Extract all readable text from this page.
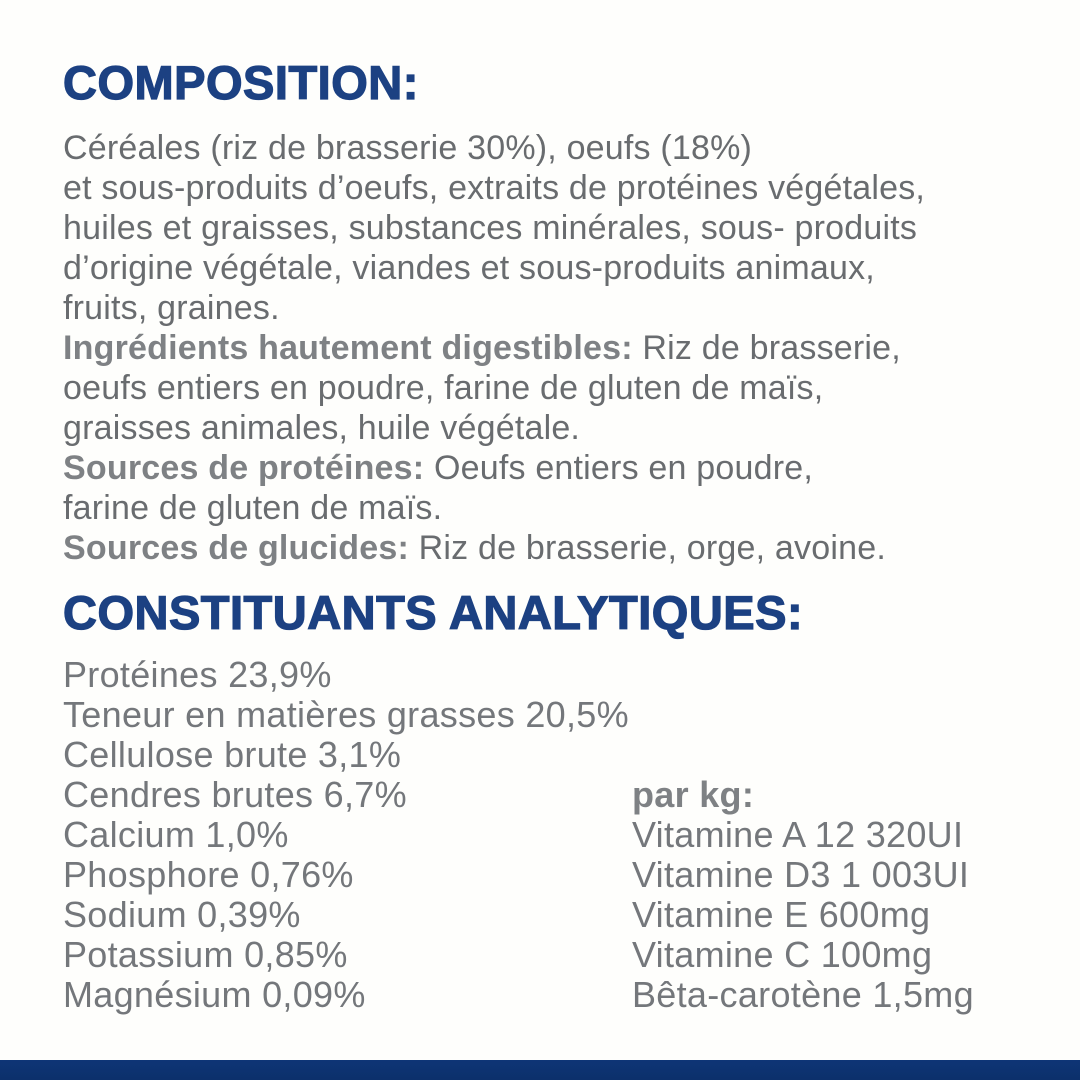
COMPOSITION:
Céréales (riz de brasserie 30%), oeufs (18%)
et sous-produits d’oeufs, extraits de protéines végétales,
huiles et graisses, substances minérales, sous- produits
d’origine végétale, viandes et sous-produits animaux,
fruits, graines.
Ingrédients hautement digestibles: Riz de brasserie,
oeufs entiers en poudre, farine de gluten de maïs,
graisses animales, huile végétale.
Sources de protéines: Oeufs entiers en poudre,
farine de gluten de maïs.
Sources de glucides: Riz de brasserie, orge, avoine.
CONSTITUANTS ANALYTIQUES:
Protéines 23,9%
Teneur en matières grasses 20,5%
Cellulose brute 3,1%
Cendres brutes 6,7%
Calcium 1,0%
Phosphore 0,76%
Sodium 0,39%
Potassium 0,85%
Magnésium 0,09%
par kg:
Vitamine A 12 320UI
Vitamine D3 1 003UI
Vitamine E 600mg
Vitamine C 100mg
Bêta-carotène 1,5mg
